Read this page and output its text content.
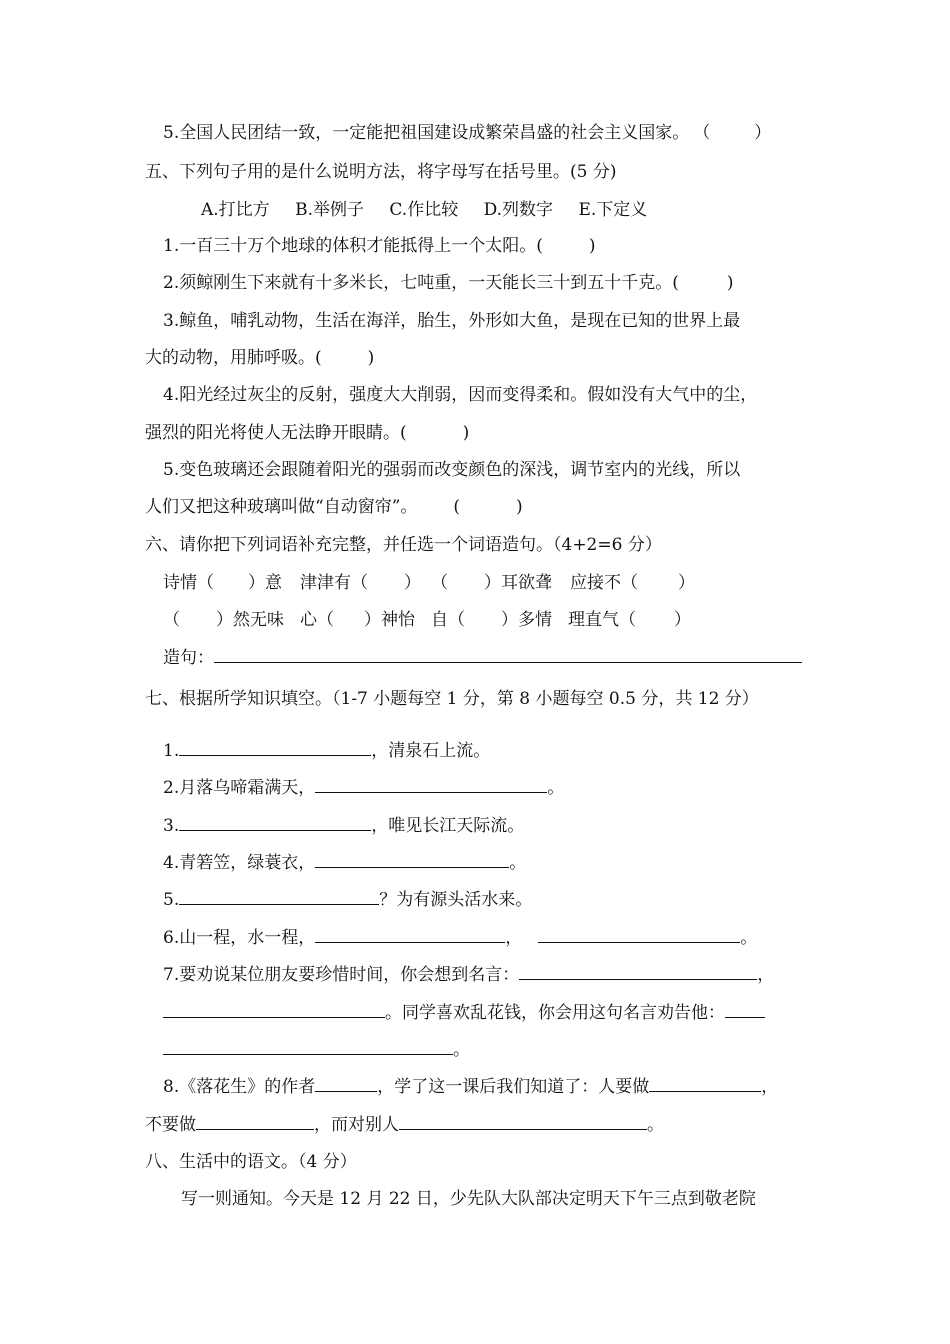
5.全国人民团结一致，一定能把祖国建设成繁荣昌盛的社会主义国家。 （	）
五、下列句子用的是什么说明方法，将字母写在括号里。(5 分)
A.打比方 B.举例子 C.作比较 D.列数字 E.下定义
1.一百三十万个地球的体积才能抵得上一个太阳。(	)
2.须鲸刚生下来就有十多米长，七吨重，一天能长三十到五十千克。(	)
3.鲸鱼，哺乳动物，生活在海洋，胎生，外形如大鱼，是现在已知的世界上最
大的动物，用肺呼吸。(	)
4.阳光经过灰尘的反射，强度大大削弱，因而变得柔和。假如没有大气中的尘，
强烈的阳光将使人无法睁开眼睛。(	)
5.变色玻璃还会跟随着阳光的强弱而改变颜色的深浅，调节室内的光线，所以
人们又把这种玻璃叫做“自动窗帘”。 (	)
六、请你把下列词语补充完整，并任选一个词语造句。（4+2=6 分）
诗情（ ）意 津津有（ ） （ ）耳欲聋 应接不（ ）
（ ）然无味 心（ ）神怡 自（ ）多情 理直气（ ）
造句：
七、根据所学知识填空。（1-7 小题每空 1 分，第 8 小题每空 0.5 分，共 12 分）
1.	，清泉石上流。
2.月落乌啼霜满天，	。
3.	，唯见长江天际流。
4.青箬笠，绿蓑衣，	。
5.	？为有源头活水来。
6.山一程，水一程，	，	。
7.要劝说某位朋友要珍惜时间，你会想到名言：	，
。同学喜欢乱花钱，你会用这句名言劝告他：
。
8.《落花生》的作者	，学了这一课后我们知道了：人要做	，
不要做	，而对别人	。
八、生活中的语文。（4 分）
写一则通知。今天是 12 月 22 日，少先队大队部决定明天下午三点到敬老院
